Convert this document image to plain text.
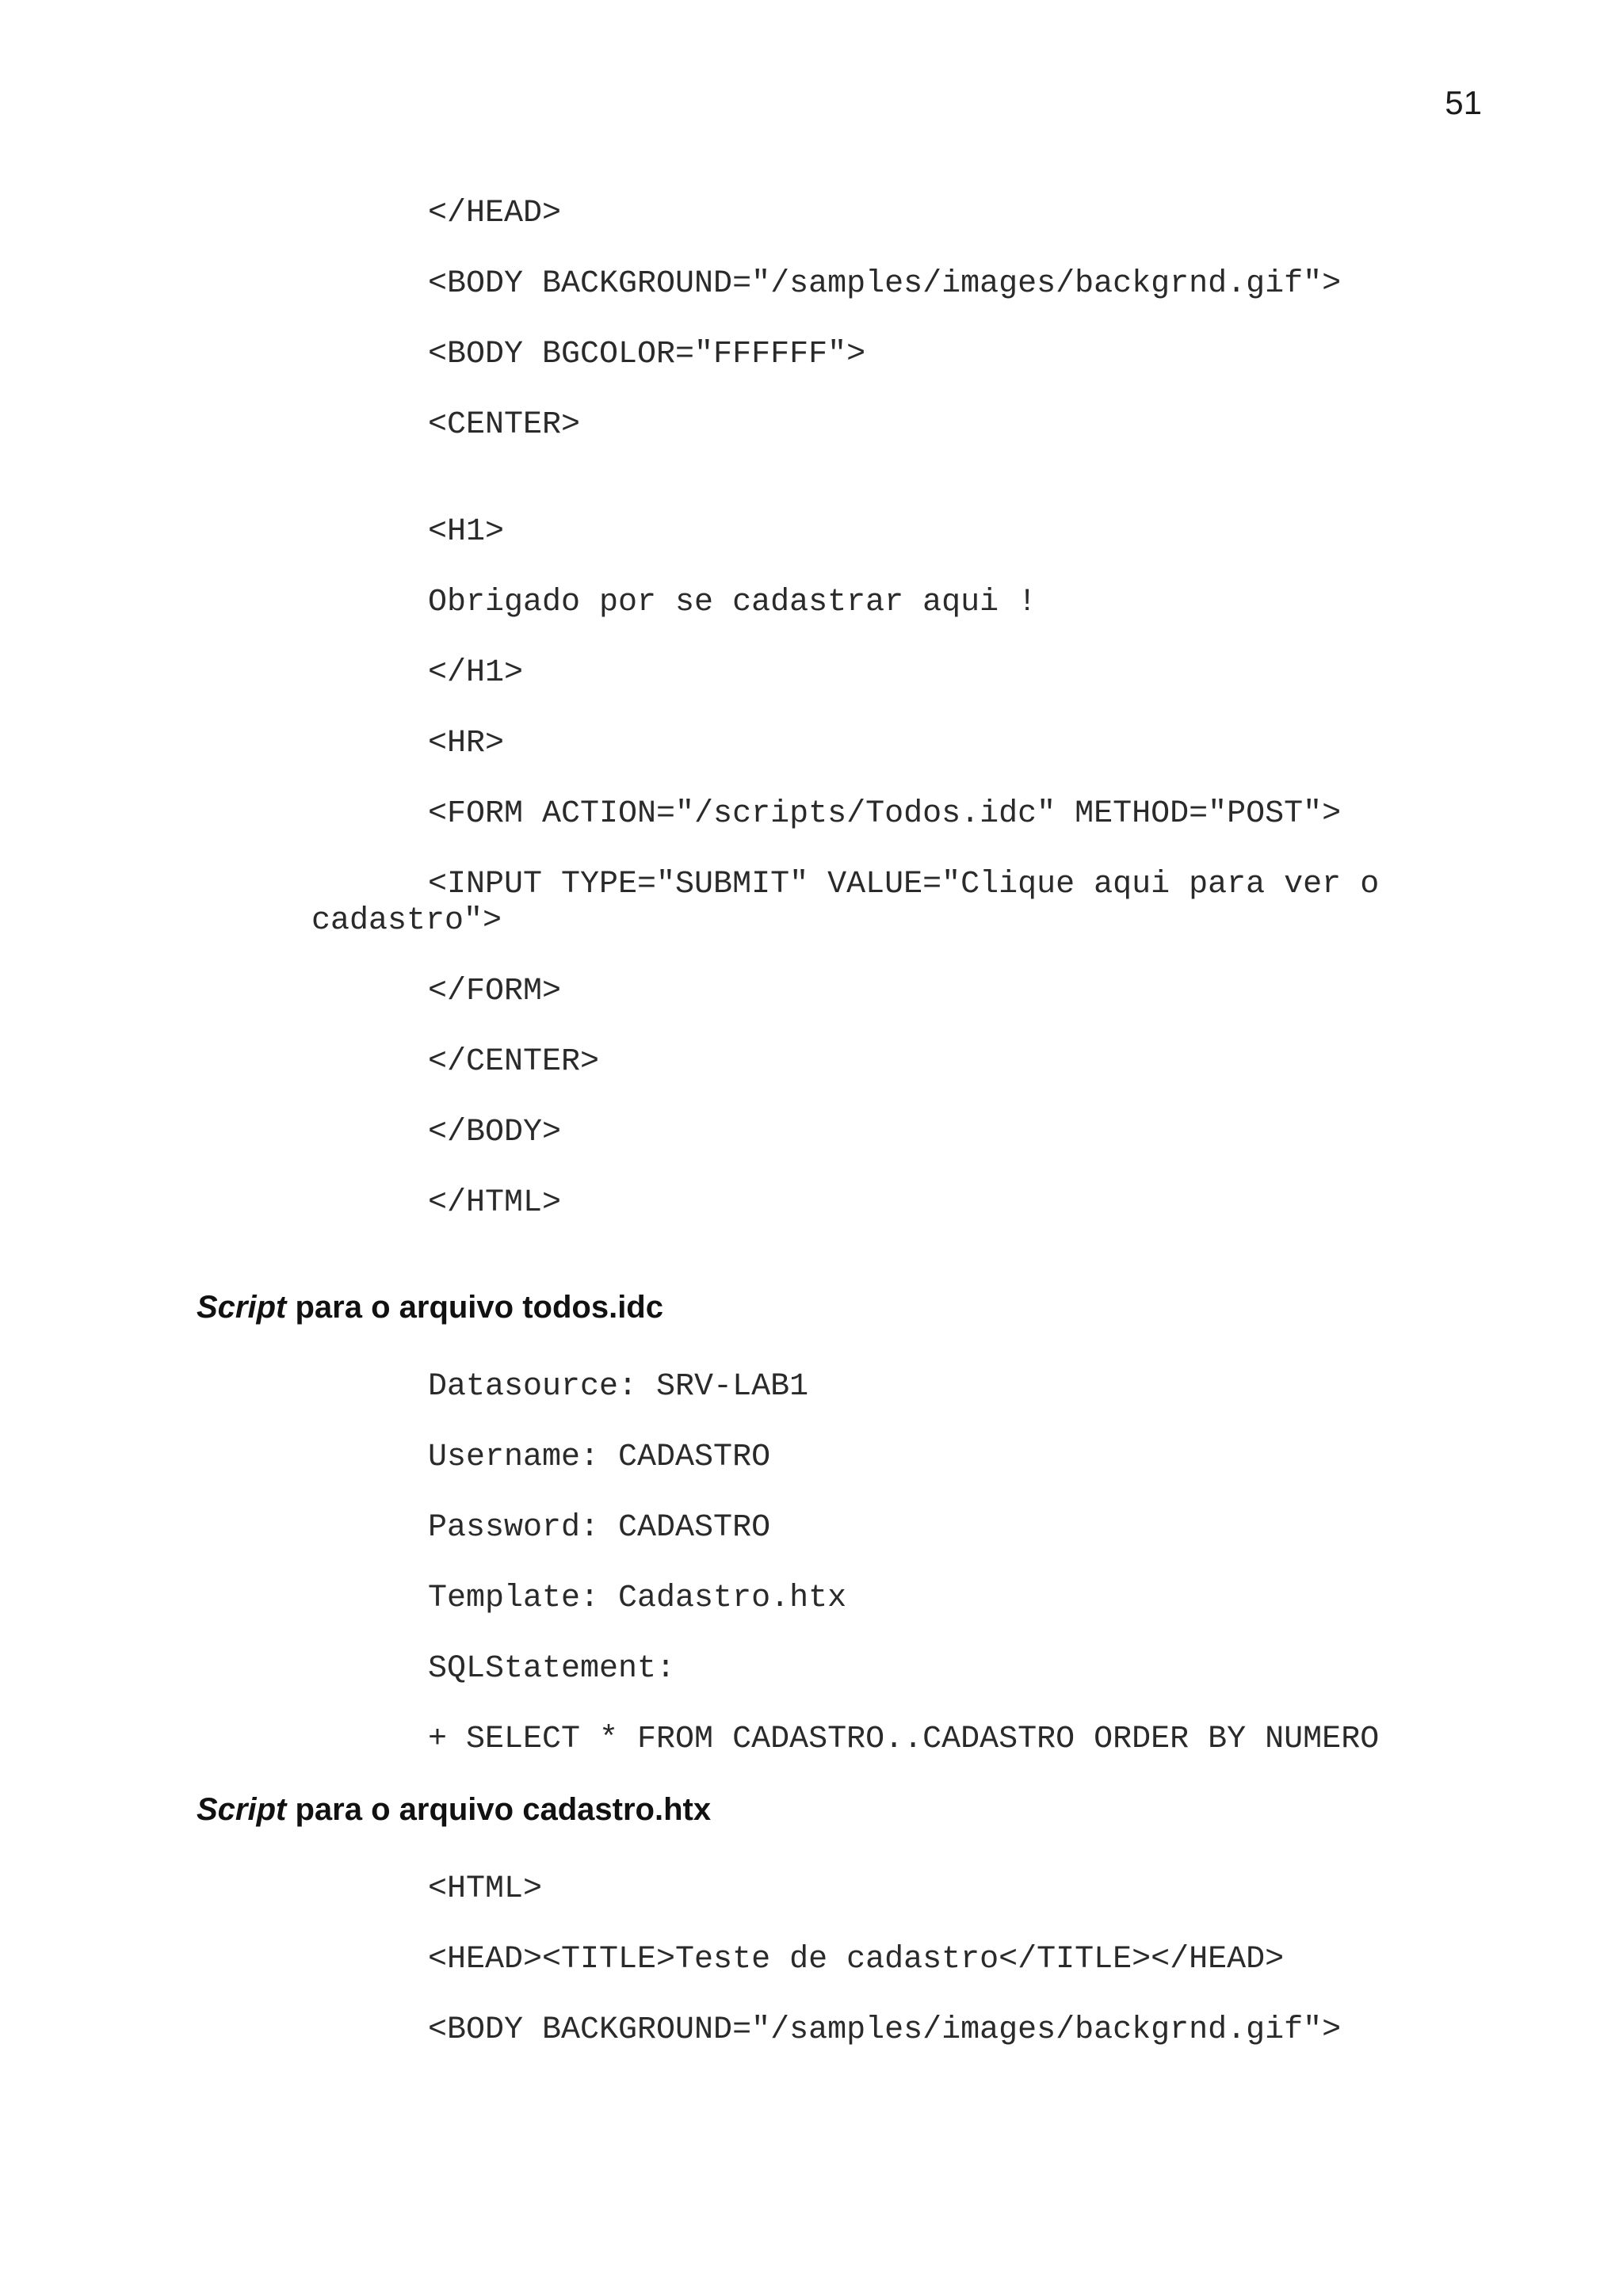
51
</HEAD>
<BODY BACKGROUND="/samples/images/backgrnd.gif">
<BODY BGCOLOR="FFFFFF">
<CENTER>
<H1>
Obrigado por se cadastrar aqui !
</H1>
<HR>
<FORM ACTION="/scripts/Todos.idc" METHOD="POST">
<INPUT TYPE="SUBMIT" VALUE="Clique aqui para ver o cadastro">
</FORM>
</CENTER>
</BODY>
</HTML>
Script para o arquivo todos.idc
Datasource: SRV-LAB1
Username: CADASTRO
Password: CADASTRO
Template: Cadastro.htx
SQLStatement:
+ SELECT * FROM CADASTRO..CADASTRO ORDER BY NUMERO
Script para o arquivo cadastro.htx
<HTML>
<HEAD><TITLE>Teste de cadastro</TITLE></HEAD>
<BODY BACKGROUND="/samples/images/backgrnd.gif">
